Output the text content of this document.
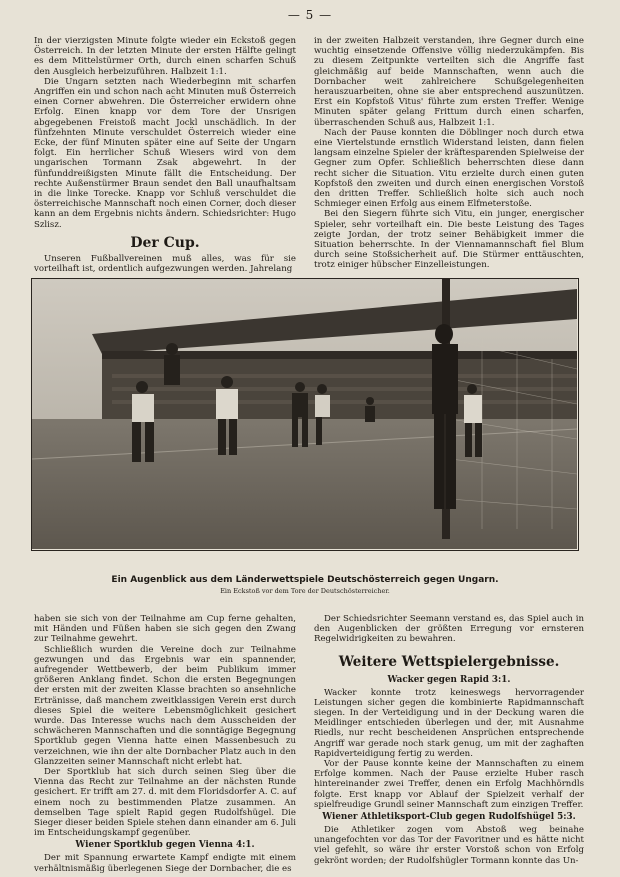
— 5 —

In der vierzigsten Minute folgte wieder ein Eckstoß gegen Österreich. In der letzten Minute der ersten Hälfte gelingt es dem Mittelstürmer Orth, durch einen scharfen Schuß den Ausgleich herbeizuführen. Halbzeit 1:1.

Die Ungarn setzten nach Wiederbeginn mit scharfen Angriffen ein und schon nach acht Minuten muß Österreich einen Corner abwehren. Die Österreicher erwidern ohne Erfolg. Einen knapp vor dem Tore der Unsrigen abgegebenen Freistoß macht Jockl unschädlich. In der fünfzehnten Minute verschuldet Österreich wieder eine Ecke, der fünf Minuten später eine auf Seite der Ungarn folgt. Ein herrlicher Schuß Wiesers wird von dem ungarischen Tormann Zsak abgewehrt. In der fünfunddreißigsten Minute fällt die Entscheidung. Der rechte Außenstürmer Braun sendet den Ball unaufhaltsam in die linke Torecke. Knapp vor Schluß verschuldet die österreichische Mannschaft noch einen Corner, doch dieser kann an dem Ergebnis nichts ändern. Schiedsrichter: Hugo Szlisz.

Der Cup.

Unseren Fußballvereinen muß alles, was für sie vorteilhaft ist, ordentlich aufgezwungen werden. Jahrelang

in der zweiten Halbzeit verstanden, ihre Gegner durch eine wuchtig einsetzende Offensive völlig niederzukämpfen. Bis zu diesem Zeitpunkte verteilten sich die Angriffe fast gleichmäßig auf beide Mannschaften, wenn auch die Dornbacher weit zahlreichere Schußgelegenheiten herauszuarbeiten, ohne sie aber entsprechend auszunützen. Erst ein Kopfstoß Vitus' führte zum ersten Treffer. Wenige Minuten später gelang Frittum durch einen scharfen, überraschenden Schuß aus, Halbzeit 1:1.

Nach der Pause konnten die Döblinger noch durch etwa eine Viertelstunde ernstlich Widerstand leisten, dann fielen langsam einzelne Spieler der kräftesparenden Spielweise der Gegner zum Opfer. Schließlich beherrschten diese dann recht sicher die Situation. Vitu erzielte durch einen guten Kopfstoß den zweiten und durch einen energischen Vorstoß den dritten Treffer. Schließlich holte sich auch noch Schmieger einen Erfolg aus einem Elfmeterstoße.

Bei den Siegern führte sich Vitu, ein junger, energischer Spieler, sehr vorteilhaft ein. Die beste Leistung des Tages zeigte Jordan, der trotz seiner Behäbigkeit immer die Situation beherrschte. In der Viennamannschaft fiel Blum durch seine Stoßsicherheit auf. Die Stürmer enttäuschten, trotz einiger hübscher Einzelleistungen.

Ein Augenblick aus dem Länderwettspiele Deutschösterreich gegen Ungarn.
Ein Eckstoß vor dem Tore der Deutschösterreicher.

haben sie sich von der Teilnahme am Cup ferne gehalten, mit Händen und Füßen haben sie sich gegen den Zwang zur Teilnahme gewehrt.

Schließlich wurden die Vereine doch zur Teilnahme gezwungen und das Ergebnis war ein spannender, aufregender Wettbewerb, der beim Publikum immer größeren Anklang findet. Schon die ersten Begegnungen der ersten mit der zweiten Klasse brachten so ansehnliche Ertränisse, daß manchem zweitklassigen Verein erst durch dieses Spiel die weitere Lebensmöglichkeit gesichert wurde. Das Interesse wuchs nach dem Ausscheiden der schwächeren Mannschaften und die sonntägige Begegnung Sportklub gegen Vienna hatte einen Massenbesuch zu verzeichnen, wie ihn der alte Dornbacher Platz auch in den Glanzzeiten seiner Mannschaft nicht erlebt hat.

Der Sportklub hat sich durch seinen Sieg über die Vienna das Recht zur Teilnahme an der nächsten Runde gesichert. Er trifft am 27. d. mit dem Floridsdorfer A. C. auf einem noch zu bestimmenden Platze zusammen. An demselben Tage spielt Rapid gegen Rudolfshügel. Die Sieger dieser beiden Spiele stehen dann einander am 6. Juli im Entscheidungskampf gegenüber.

Wiener Sportklub gegen Vienna 4:1.

Der mit Spannung erwartete Kampf endigte mit einem verhältnismäßig überlegenen Siege der Dornbacher, die es

Der Schiedsrichter Seemann verstand es, das Spiel auch in den Augenblicken der größten Erregung vor ernsteren Regelwidrigkeiten zu bewahren.

Weitere Wettspielergebnisse.
Wacker gegen Rapid 3:1.

Wacker konnte trotz keineswegs hervorragender Leistungen sicher gegen die kombinierte Rapidmannschaft siegen. In der Verteidigung und in der Deckung waren die Meidlinger entschieden überlegen und der, mit Ausnahme Riedls, nur recht bescheidenen Ansprüchen entsprechende Angriff war gerade noch stark genug, um mit der zaghaften Rapidverteidigung fertig zu werden.

Vor der Pause konnte keine der Mannschaften zu einem Erfolge kommen. Nach der Pause erzielte Huber rasch hintereinander zwei Treffer, denen ein Erfolg Machhörndls folgte. Erst knapp vor Ablauf der Spielzeit verhalf der spielfreudige Grundl seiner Mannschaft zum einzigen Treffer.

Wiener Athletiksport-Club gegen Rudolfshügel 5:3.

Die Athletiker zogen vom Abstoß weg beinahe unangefochten vor das Tor der Favoritner und es hätte nicht viel gefehlt, so wäre ihr erster Vorstoß schon von Erfolg gekrönt worden; der Rudolfshügler Tormann konnte das Un-
